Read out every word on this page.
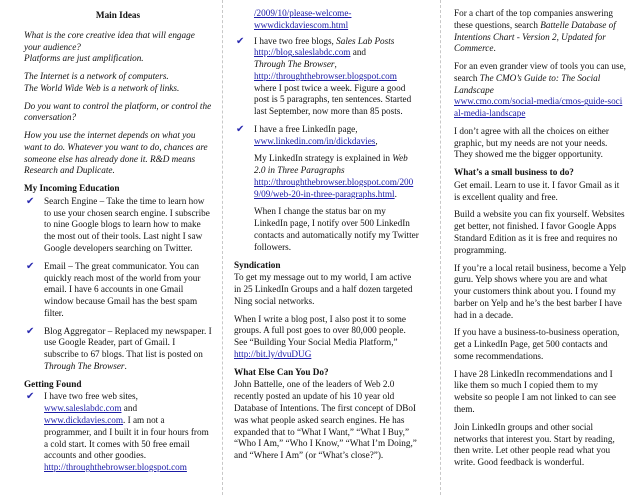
Main Ideas

What is the core creative idea that will engage your audience?
Platforms are just amplification.

The Internet is a network of computers.
The World Wide Web is a network of links.

Do you want to control the platform, or control the conversation?

How you use the internet depends on what you want to do. Whatever you want to do, chances are someone else has already done it. R&D means Research and Duplicate.

My Incoming Education
✔ Search Engine – Take the time to learn how to use your chosen search engine. I subscribe to nine Google blogs to learn how to make the most out of their tools. Last night I saw Google developers searching on Twitter.
✔ Email – The great communicator. You can quickly reach most of the world from your email. I have 6 accounts in one Gmail window because Gmail has the best spam filter.
✔ Blog Aggregator – Replaced my newspaper. I use Google Reader, part of Gmail. I subscribe to 67 blogs. That list is posted on Through The Browser.
Getting Found
✔ I have two free web sites,
www.saleslabdc.com and
www.dickdavies.com. I am not a programmer, and I built it in four hours from a cold start. It comes with 50 free email accounts and other goodies.
http://throughthebrowser.blogspot.com

/2009/10/please-welcome-wwwdickdaviescom.html

✔ I have two free blogs, Sales Lab Posts
http://blog.saleslabdc.com and
Through The Browser,
http://throughthebrowser.blogspot.com where I post twice a week. Figure a good post is 5 paragraphs, ten sentences. Started last September, now more than 85 posts.
✔ I have a free LinkedIn page,
www.linkedin.com/in/dickdavies,

My LinkedIn strategy is explained in Web 2.0 in Three Paragraphs
http://throughthebrowser.blogspot.com/2009/09/web-20-in-three-paragraphs.html.

When I change the status bar on my LinkedIn page, I notify over 500 LinkedIn contacts and automatically notify my Twitter followers.

Syndication

To get my message out to my world, I am active in 25 LinkedIn Groups and a half dozen targeted Ning social networks.

When I write a blog post, I also post it to some groups. A full post goes to over 80,000 people. See “Building Your Social Media Platform,” http://bit.ly/dvuDUG

What Else Can You Do?

John Battelle, one of the leaders of Web 2.0 recently posted an update of his 10 year old Database of Intentions. The first concept of DBoI was what people asked search engines. He has expanded that to “What I Want,” “What I Buy,” “Who I Am,” “Who I Know,” “What I’m Doing,” and “Where I Am” (or “What’s close?”).

For a chart of the top companies answering these questions, search Battelle Database of Intentions Chart - Version 2, Updated for Commerce.

For an even grander view of tools you can use, search The CMO’s Guide to: The Social Landscape
www.cmo.com/social-media/cmos-guide-social-media-landscape

I don’t agree with all the choices on either graphic, but my needs are not your needs. They showed me the bigger opportunity.

What’s a small business to do?

Get email. Learn to use it. I favor Gmail as it is excellent quality and free.

Build a website you can fix yourself. Websites get better, not finished. I favor Google Apps Standard Edition as it is free and requires no programming.

If you’re a local retail business, become a Yelp guru. Yelp shows where you are and what your customers think about you. I found my barber on Yelp and he’s the best barber I have had in a decade.

If you have a business-to-business operation, get a LinkedIn Page, get 500 contacts and some recommendations.

I have 28 LinkedIn recommendations and I like them so much I copied them to my website so people I am not linked to can see them.

Join LinkedIn groups and other social networks that interest you. Start by reading, then write. Let other people read what you write. Good feedback is wonderful.
